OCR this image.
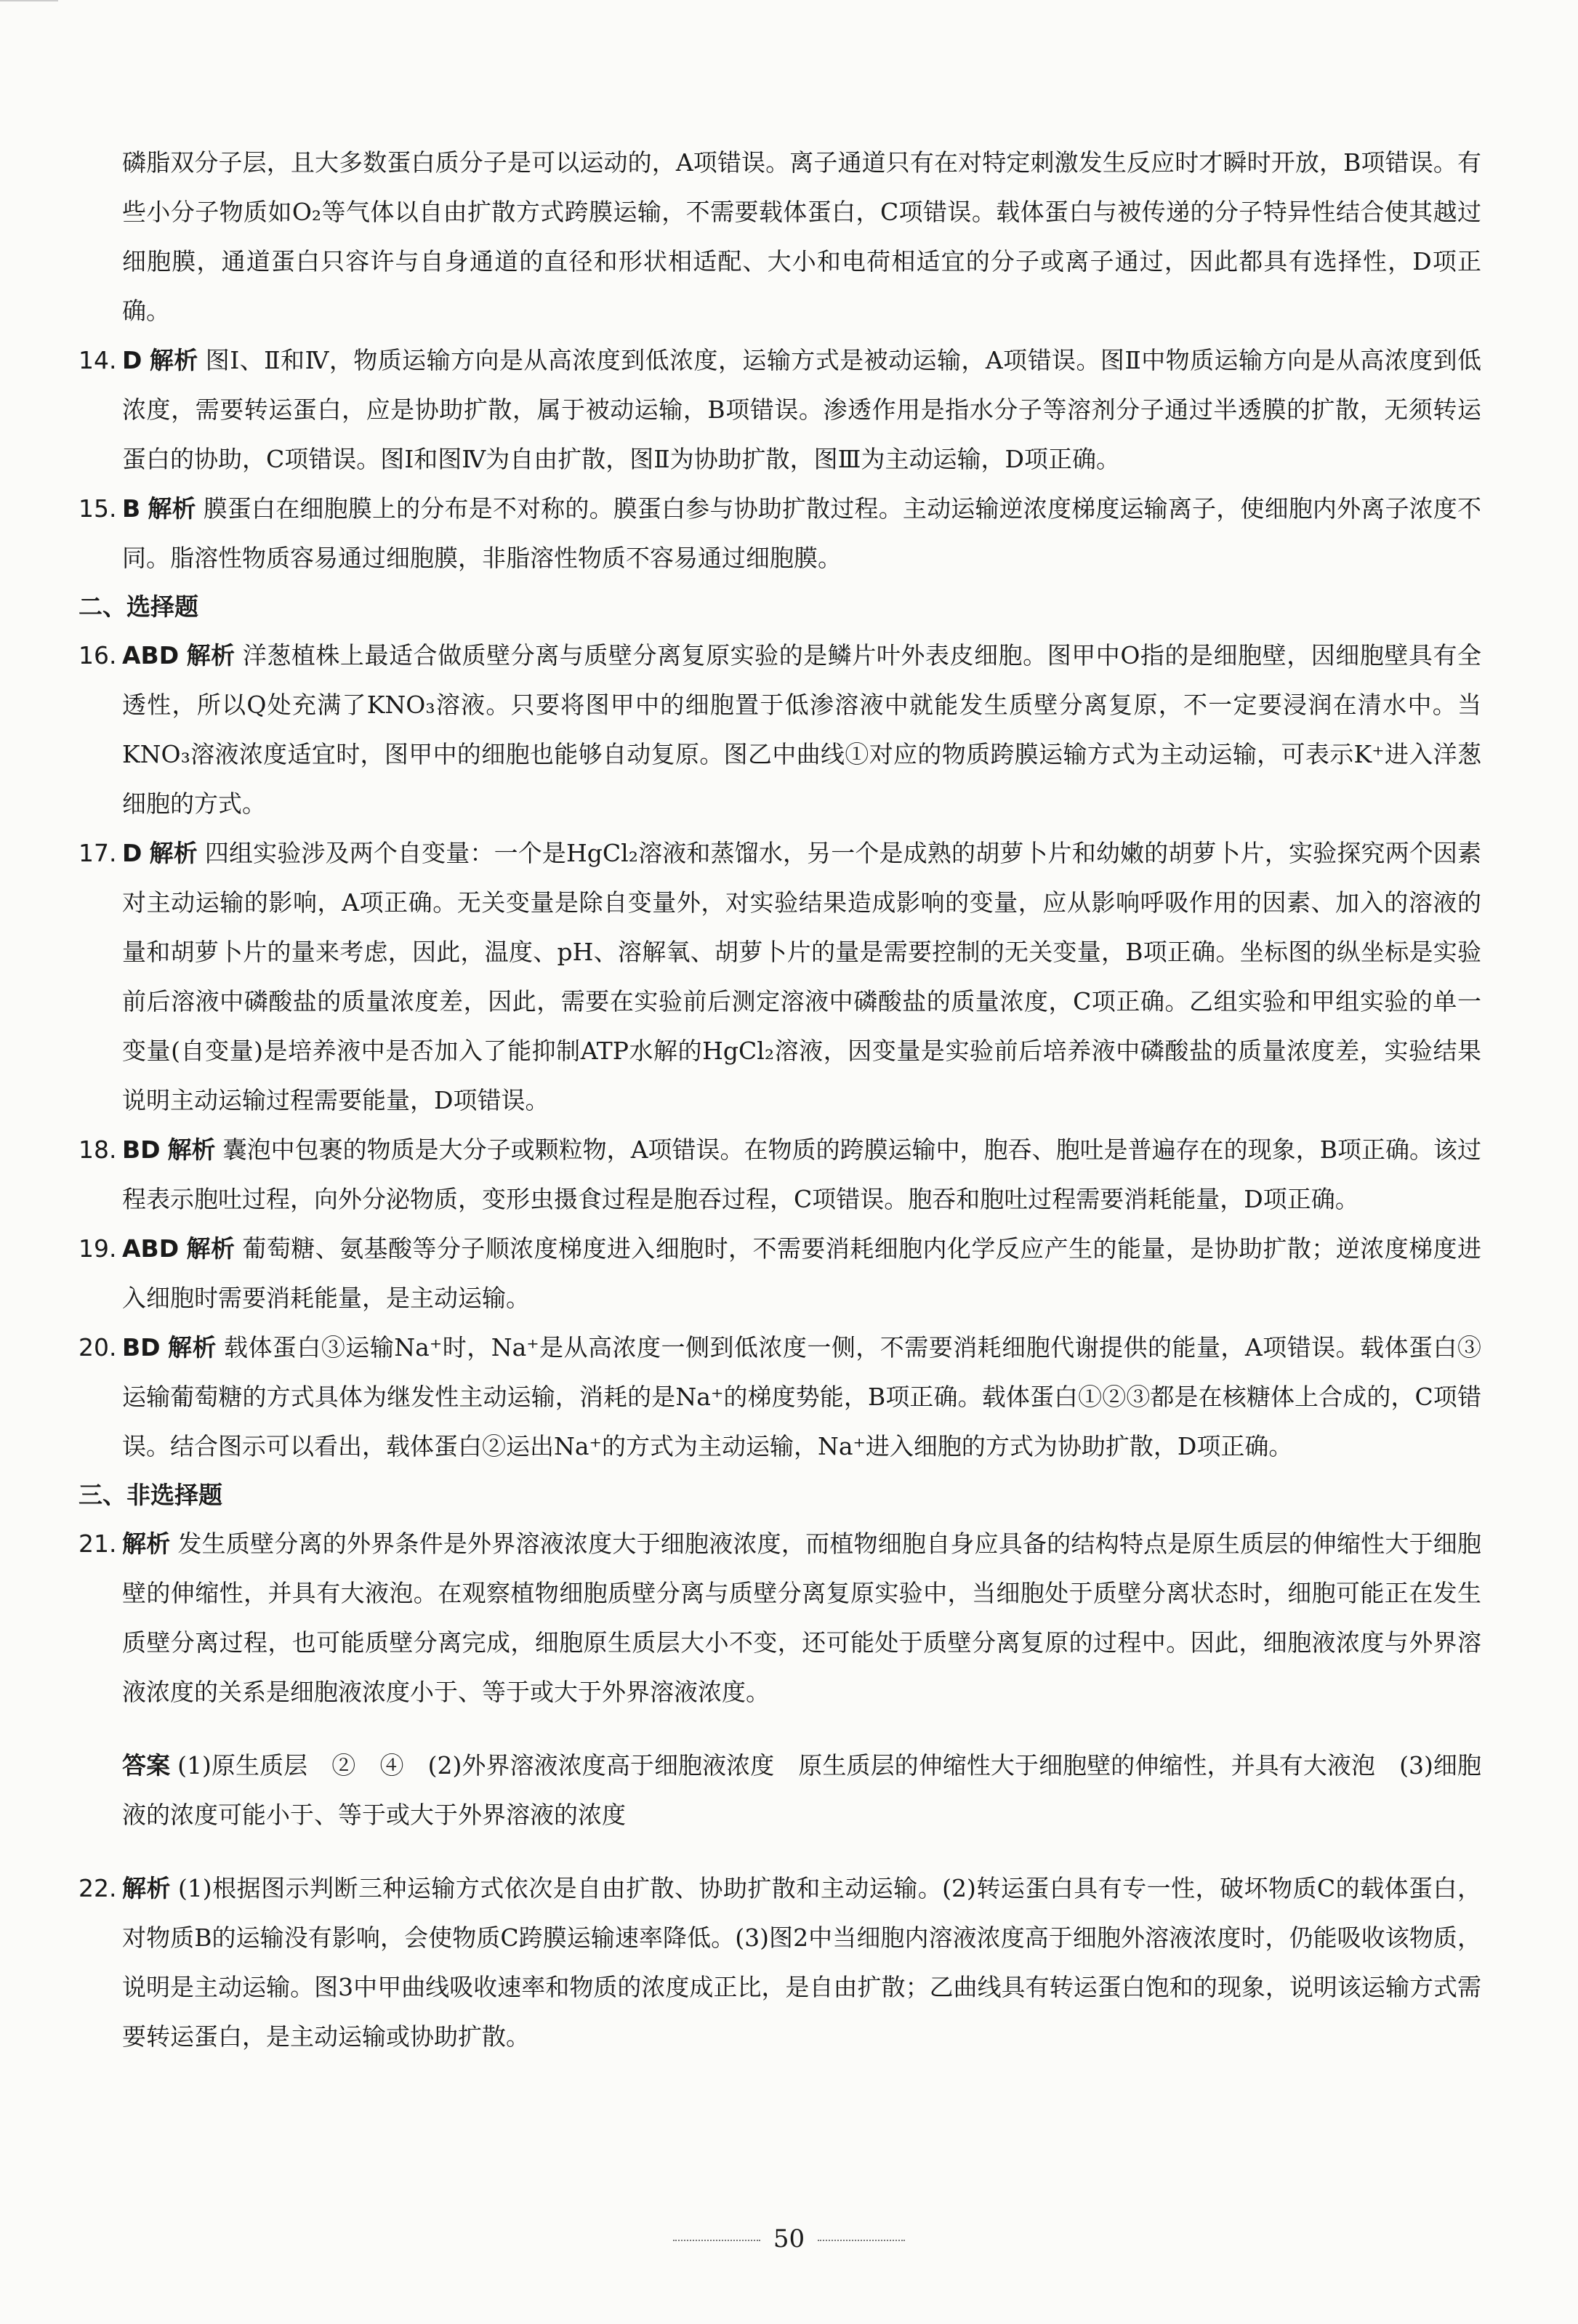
磷脂双分子层，且大多数蛋白质分子是可以运动的，A项错误。离子通道只有在对特定刺激发生反应时才瞬时开放，B项错误。有些小分子物质如O₂等气体以自由扩散方式跨膜运输，不需要载体蛋白，C项错误。载体蛋白与被传递的分子特异性结合使其越过细胞膜，通道蛋白只容许与自身通道的直径和形状相适配、大小和电荷相适宜的分子或离子通过，因此都具有选择性，D项正确。

14. D 解析 图Ⅰ、Ⅱ和Ⅳ，物质运输方向是从高浓度到低浓度，运输方式是被动运输，A项错误。图Ⅱ中物质运输方向是从高浓度到低浓度，需要转运蛋白，应是协助扩散，属于被动运输，B项错误。渗透作用是指水分子等溶剂分子通过半透膜的扩散，无须转运蛋白的协助，C项错误。图Ⅰ和图Ⅳ为自由扩散，图Ⅱ为协助扩散，图Ⅲ为主动运输，D项正确。

15. B 解析 膜蛋白在细胞膜上的分布是不对称的。膜蛋白参与协助扩散过程。主动运输逆浓度梯度运输离子，使细胞内外离子浓度不同。脂溶性物质容易通过细胞膜，非脂溶性物质不容易通过细胞膜。

二、选择题

16. ABD 解析 洋葱植株上最适合做质壁分离与质壁分离复原实验的是鳞片叶外表皮细胞。图甲中O指的是细胞壁，因细胞壁具有全透性，所以Q处充满了KNO₃溶液。只要将图甲中的细胞置于低渗溶液中就能发生质壁分离复原，不一定要浸润在清水中。当KNO₃溶液浓度适宜时，图甲中的细胞也能够自动复原。图乙中曲线①对应的物质跨膜运输方式为主动运输，可表示K⁺进入洋葱细胞的方式。

17. D 解析 四组实验涉及两个自变量：一个是HgCl₂溶液和蒸馏水，另一个是成熟的胡萝卜片和幼嫩的胡萝卜片，实验探究两个因素对主动运输的影响，A项正确。无关变量是除自变量外，对实验结果造成影响的变量，应从影响呼吸作用的因素、加入的溶液的量和胡萝卜片的量来考虑，因此，温度、pH、溶解氧、胡萝卜片的量是需要控制的无关变量，B项正确。坐标图的纵坐标是实验前后溶液中磷酸盐的质量浓度差，因此，需要在实验前后测定溶液中磷酸盐的质量浓度，C项正确。乙组实验和甲组实验的单一变量(自变量)是培养液中是否加入了能抑制ATP水解的HgCl₂溶液，因变量是实验前后培养液中磷酸盐的质量浓度差，实验结果说明主动运输过程需要能量，D项错误。

18. BD 解析 囊泡中包裹的物质是大分子或颗粒物，A项错误。在物质的跨膜运输中，胞吞、胞吐是普遍存在的现象，B项正确。该过程表示胞吐过程，向外分泌物质，变形虫摄食过程是胞吞过程，C项错误。胞吞和胞吐过程需要消耗能量，D项正确。

19. ABD 解析 葡萄糖、氨基酸等分子顺浓度梯度进入细胞时，不需要消耗细胞内化学反应产生的能量，是协助扩散；逆浓度梯度进入细胞时需要消耗能量，是主动运输。

20. BD 解析 载体蛋白③运输Na⁺时，Na⁺是从高浓度一侧到低浓度一侧，不需要消耗细胞代谢提供的能量，A项错误。载体蛋白③运输葡萄糖的方式具体为继发性主动运输，消耗的是Na⁺的梯度势能，B项正确。载体蛋白①②③都是在核糖体上合成的，C项错误。结合图示可以看出，载体蛋白②运出Na⁺的方式为主动运输，Na⁺进入细胞的方式为协助扩散，D项正确。

三、非选择题

21. 解析 发生质壁分离的外界条件是外界溶液浓度大于细胞液浓度，而植物细胞自身应具备的结构特点是原生质层的伸缩性大于细胞壁的伸缩性，并具有大液泡。在观察植物细胞质壁分离与质壁分离复原实验中，当细胞处于质壁分离状态时，细胞可能正在发生质壁分离过程，也可能质壁分离完成，细胞原生质层大小不变，还可能处于质壁分离复原的过程中。因此，细胞液浓度与外界溶液浓度的关系是细胞液浓度小于、等于或大于外界溶液浓度。

答案 (1)原生质层　②　④　(2)外界溶液浓度高于细胞液浓度　原生质层的伸缩性大于细胞壁的伸缩性，并具有大液泡　(3)细胞液的浓度可能小于、等于或大于外界溶液的浓度

22. 解析 (1)根据图示判断三种运输方式依次是自由扩散、协助扩散和主动运输。(2)转运蛋白具有专一性，破坏物质C的载体蛋白，对物质B的运输没有影响，会使物质C跨膜运输速率降低。(3)图2中当细胞内溶液浓度高于细胞外溶液浓度时，仍能吸收该物质，说明是主动运输。图3中甲曲线吸收速率和物质的浓度成正比，是自由扩散；乙曲线具有转运蛋白饱和的现象，说明该运输方式需要转运蛋白，是主动运输或协助扩散。

50
